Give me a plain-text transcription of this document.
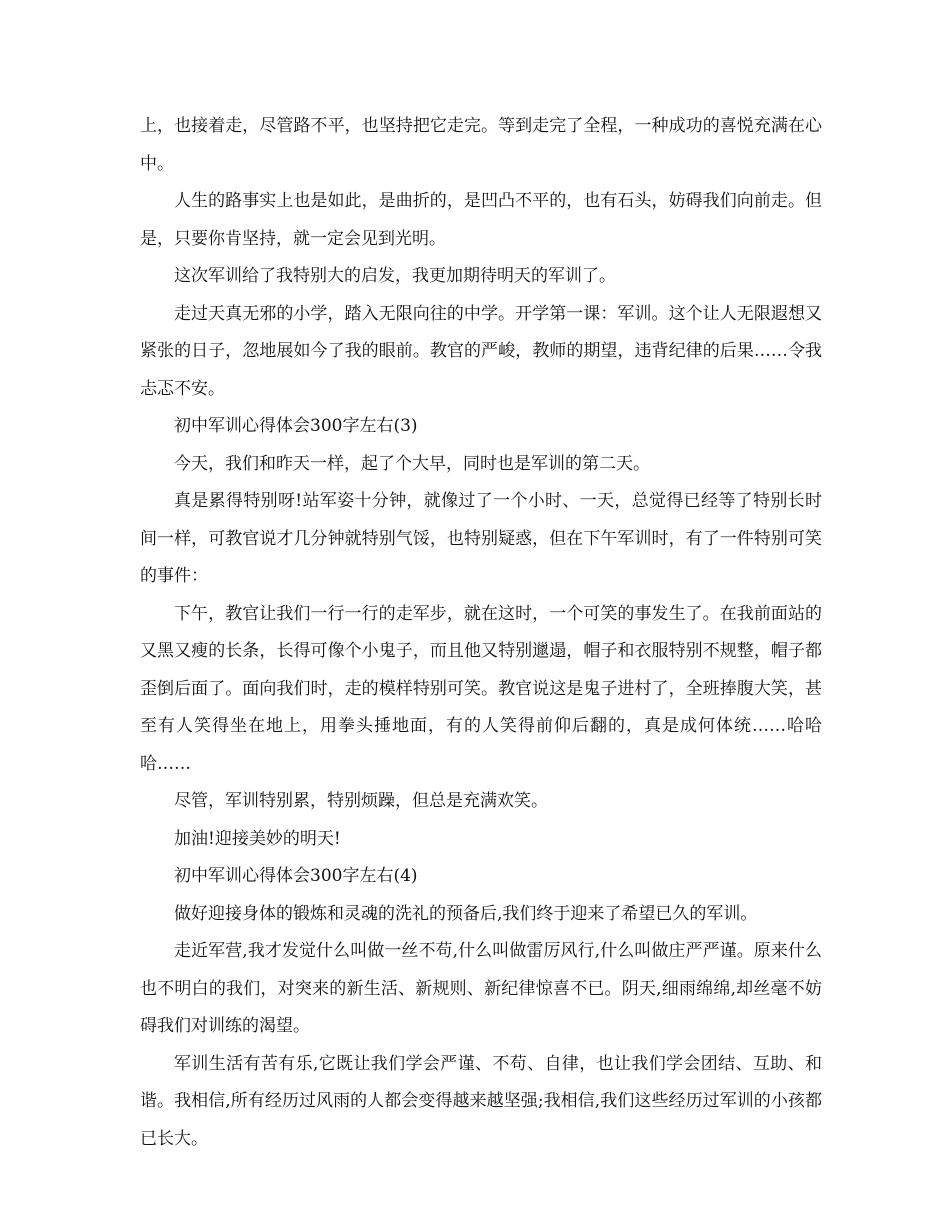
上，也接着走，尽管路不平，也坚持把它走完。等到走完了全程，一种成功的喜悦充满在心中。

人生的路事实上也是如此，是曲折的，是凹凸不平的，也有石头，妨碍我们向前走。但是，只要你肯坚持，就一定会见到光明。

这次军训给了我特别大的启发，我更加期待明天的军训了。

走过天真无邪的小学，踏入无限向往的中学。开学第一课：军训。这个让人无限遐想又紧张的日子，忽地展如今了我的眼前。教官的严峻，教师的期望，违背纪律的后果……令我忐忑不安。

初中军训心得体会300字左右(3)

今天，我们和昨天一样，起了个大早，同时也是军训的第二天。

真是累得特别呀!站军姿十分钟，就像过了一个小时、一天，总觉得已经等了特别长时间一样，可教官说才几分钟就特别气馁，也特别疑惑，但在下午军训时，有了一件特别可笑的事件：

下午，教官让我们一行一行的走军步，就在这时，一个可笑的事发生了。在我前面站的又黑又瘦的长条，长得可像个小鬼子，而且他又特别邋遢，帽子和衣服特别不规整，帽子都歪倒后面了。面向我们时，走的模样特别可笑。教官说这是鬼子进村了，全班捧腹大笑，甚至有人笑得坐在地上，用拳头捶地面，有的人笑得前仰后翻的，真是成何体统……哈哈哈……

尽管，军训特别累，特别烦躁，但总是充满欢笑。

加油!迎接美妙的明天!

初中军训心得体会300字左右(4)

做好迎接身体的锻炼和灵魂的洗礼的预备后,我们终于迎来了希望已久的军训。

走近军营,我才发觉什么叫做一丝不苟,什么叫做雷厉风行,什么叫做庄严严谨。原来什么也不明白的我们，对突来的新生活、新规则、新纪律惊喜不已。阴天,细雨绵绵,却丝毫不妨碍我们对训练的渴望。

军训生活有苦有乐,它既让我们学会严谨、不苟、自律，也让我们学会团结、互助、和谐。我相信,所有经历过风雨的人都会变得越来越坚强;我相信,我们这些经历过军训的小孩都已长大。
